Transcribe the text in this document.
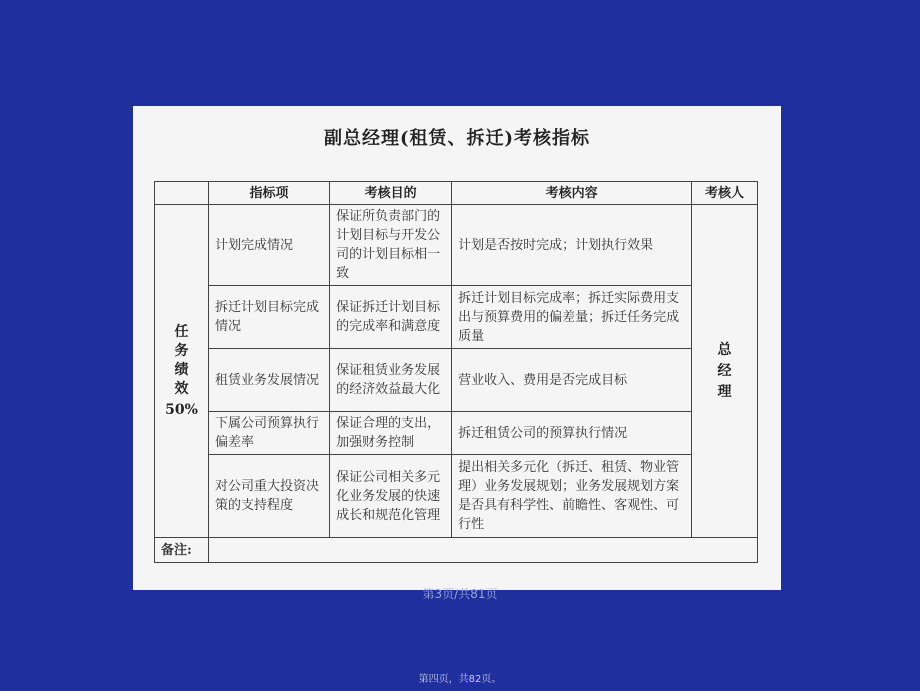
副总经理(租赁、拆迁)考核指标
	指标项	考核目的	考核内容	考核人
任务绩效
50%	计划完成情况	保证所负责部门的计划目标与开发公司的计划目标相一致	计划是否按时完成；计划执行效果	总经理
	拆迁计划目标完成情况	保证拆迁计划目标的完成率和满意度	拆迁计划目标完成率；拆迁实际费用支出与预算费用的偏差量；拆迁任务完成质量	
	租赁业务发展情况	保证租赁业务发展的经济效益最大化	营业收入、费用是否完成目标	
	下属公司预算执行偏差率	保证合理的支出，加强财务控制	拆迁租赁公司的预算执行情况	
	对公司重大投资决策的支持程度	保证公司相关多元化业务发展的快速成长和规范化管理	提出相关多元化（拆迁、租赁、物业管理）业务发展规划；业务发展规划方案是否具有科学性、前瞻性、客观性、可行性	
备注:				
第3页/共81页
第四页，共82页。
